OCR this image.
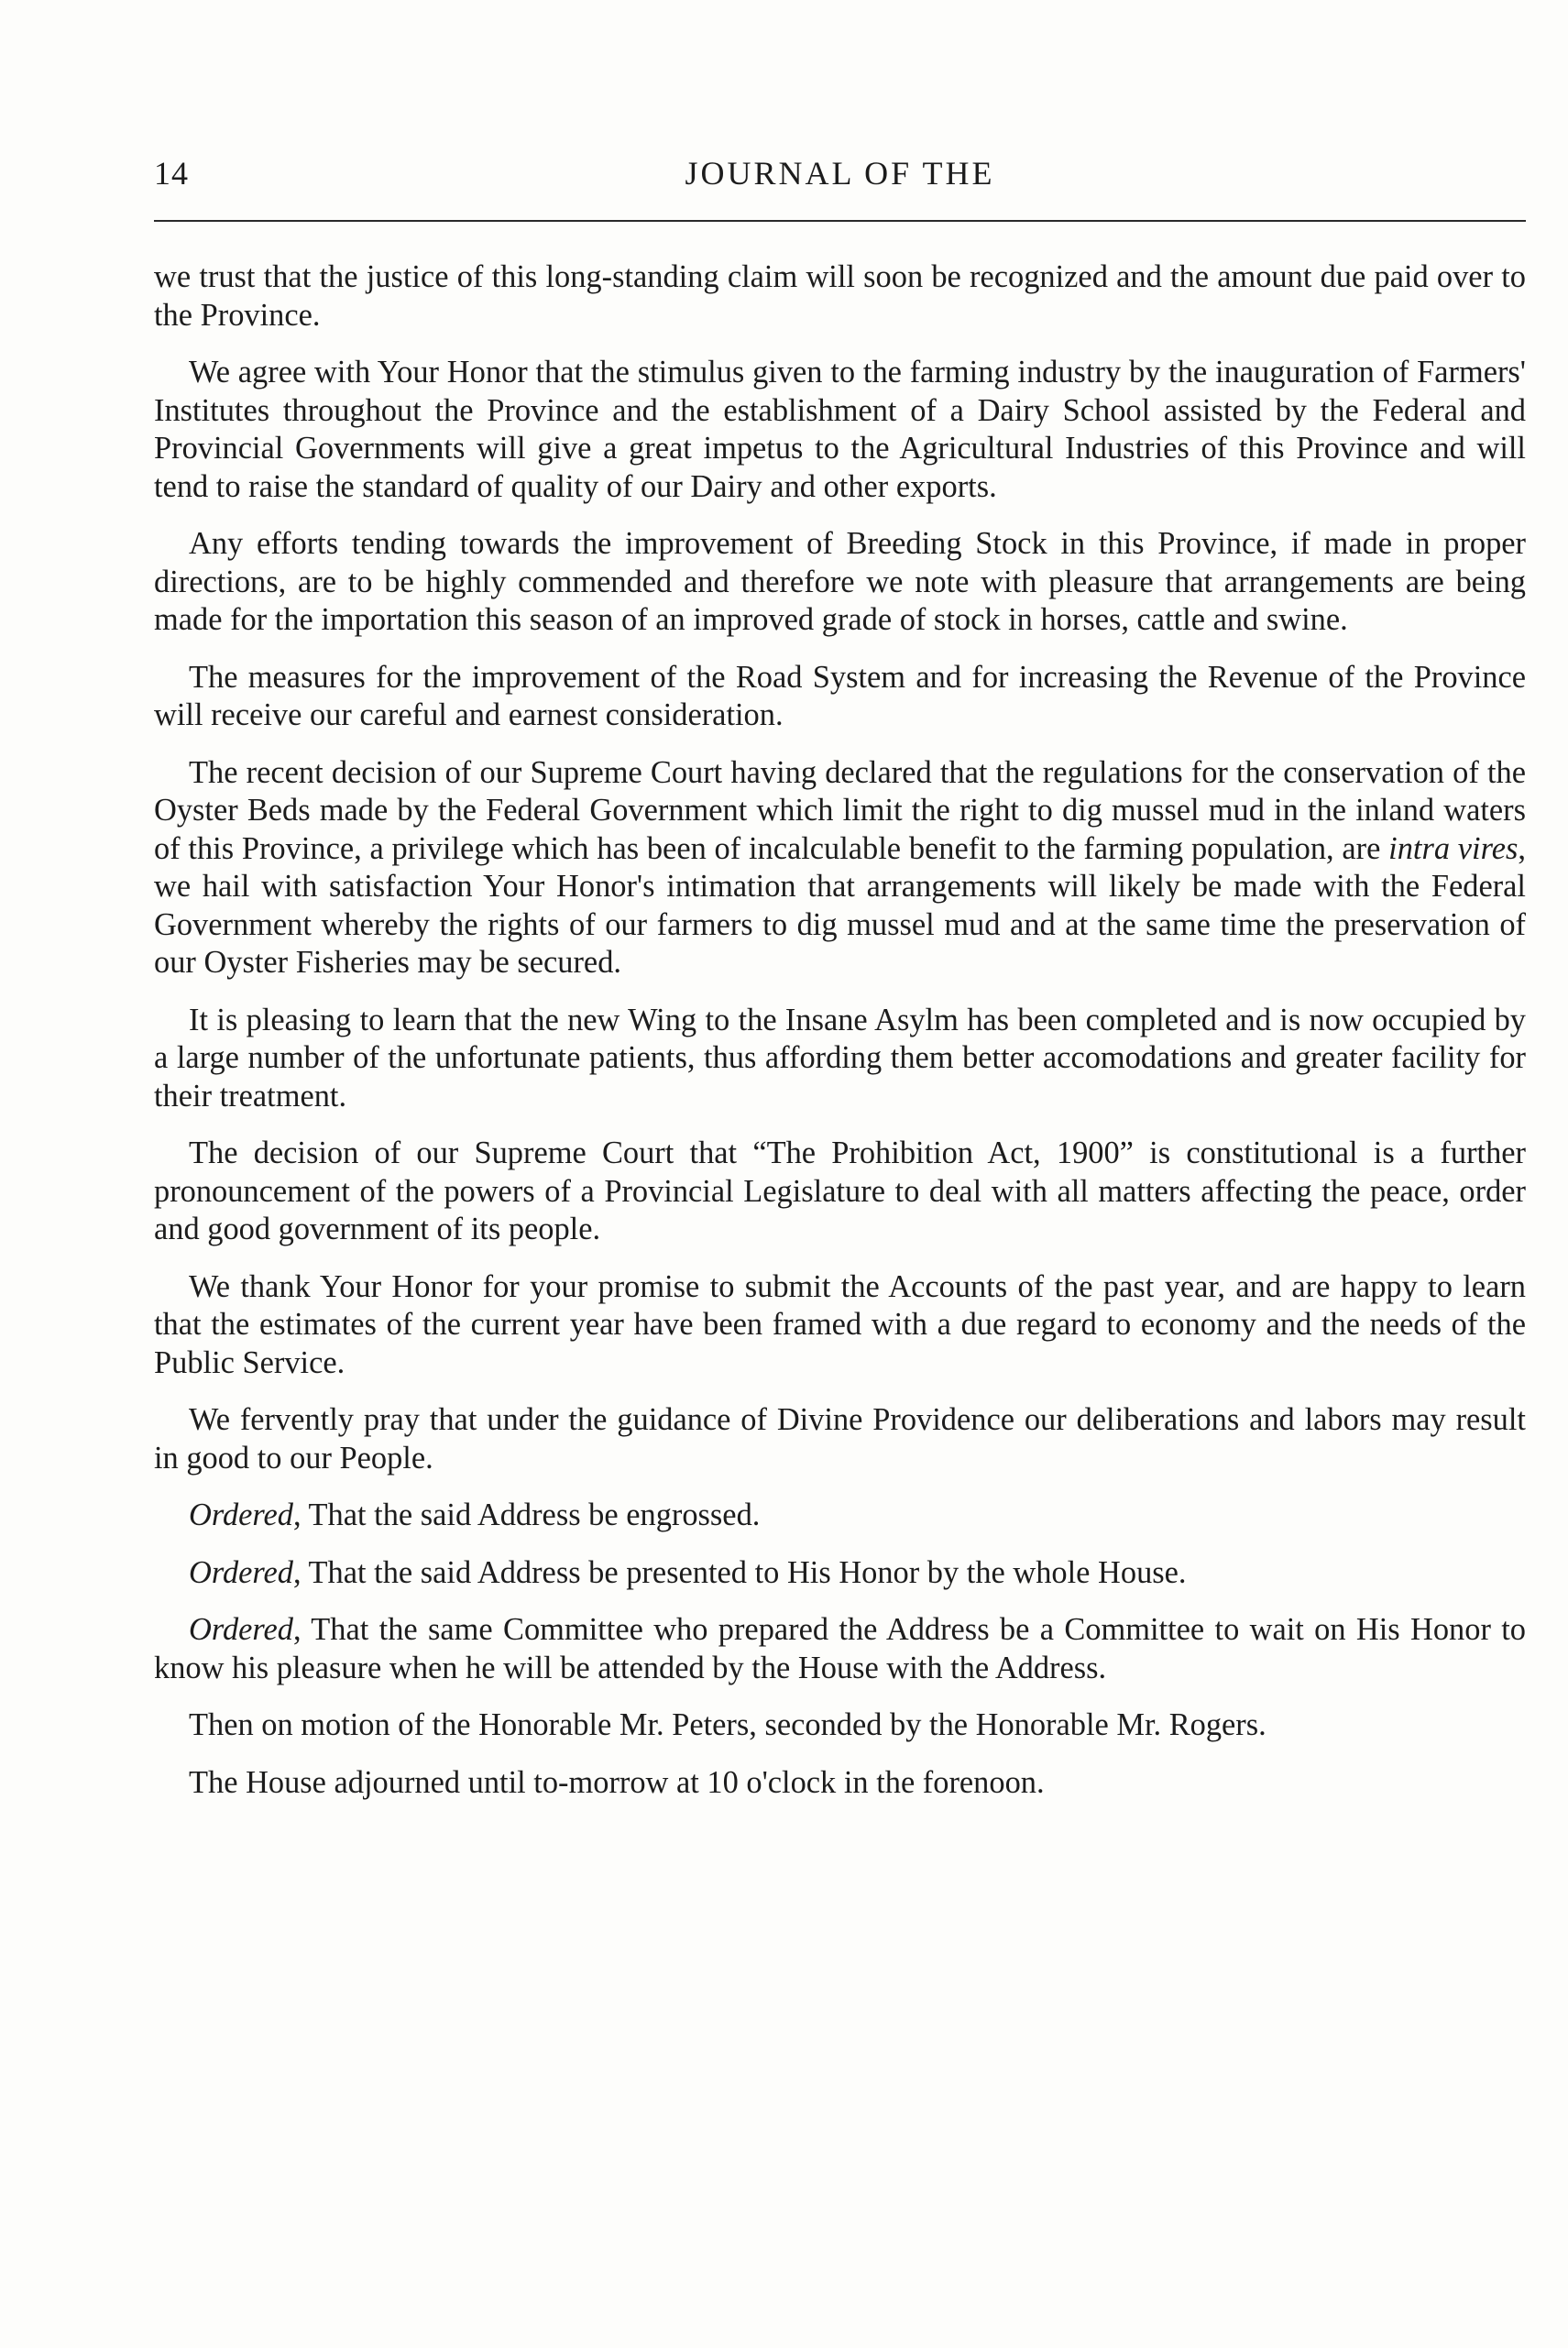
14	JOURNAL OF THE

we trust that the justice of this long-standing claim will soon be recognized and the amount due paid over to the Province.

We agree with Your Honor that the stimulus given to the farming industry by the inauguration of Farmers' Institutes throughout the Province and the establishment of a Dairy School assisted by the Federal and Provincial Governments will give a great impetus to the Agricultural Industries of this Province and will tend to raise the standard of quality of our Dairy and other exports.

Any efforts tending towards the improvement of Breeding Stock in this Province, if made in proper directions, are to be highly commended and therefore we note with pleasure that arrangements are being made for the importation this season of an improved grade of stock in horses, cattle and swine.

The measures for the improvement of the Road System and for increasing the Revenue of the Province will receive our careful and earnest consideration.

The recent decision of our Supreme Court having declared that the regulations for the conservation of the Oyster Beds made by the Federal Government which limit the right to dig mussel mud in the inland waters of this Province, a privilege which has been of incalculable benefit to the farming population, are intra vires, we hail with satisfaction Your Honor's intimation that arrangements will likely be made with the Federal Government whereby the rights of our farmers to dig mussel mud and at the same time the preservation of our Oyster Fisheries may be secured.

It is pleasing to learn that the new Wing to the Insane Asylm has been completed and is now occupied by a large number of the unfortunate patients, thus affording them better accomodations and greater facility for their treatment.

The decision of our Supreme Court that “The Prohibition Act, 1900” is constitutional is a further pronouncement of the powers of a Provincial Legislature to deal with all matters affecting the peace, order and good government of its people.

We thank Your Honor for your promise to submit the Accounts of the past year, and are happy to learn that the estimates of the current year have been framed with a due regard to economy and the needs of the Public Service.

We fervently pray that under the guidance of Divine Providence our deliberations and labors may result in good to our People.

Ordered, That the said Address be engrossed.

Ordered, That the said Address be presented to His Honor by the whole House.

Ordered, That the same Committee who prepared the Address be a Committee to wait on His Honor to know his pleasure when he will be attended by the House with the Address.

Then on motion of the Honorable Mr. Peters, seconded by the Honorable Mr. Rogers.

The House adjourned until to-morrow at 10 o'clock in the forenoon.
